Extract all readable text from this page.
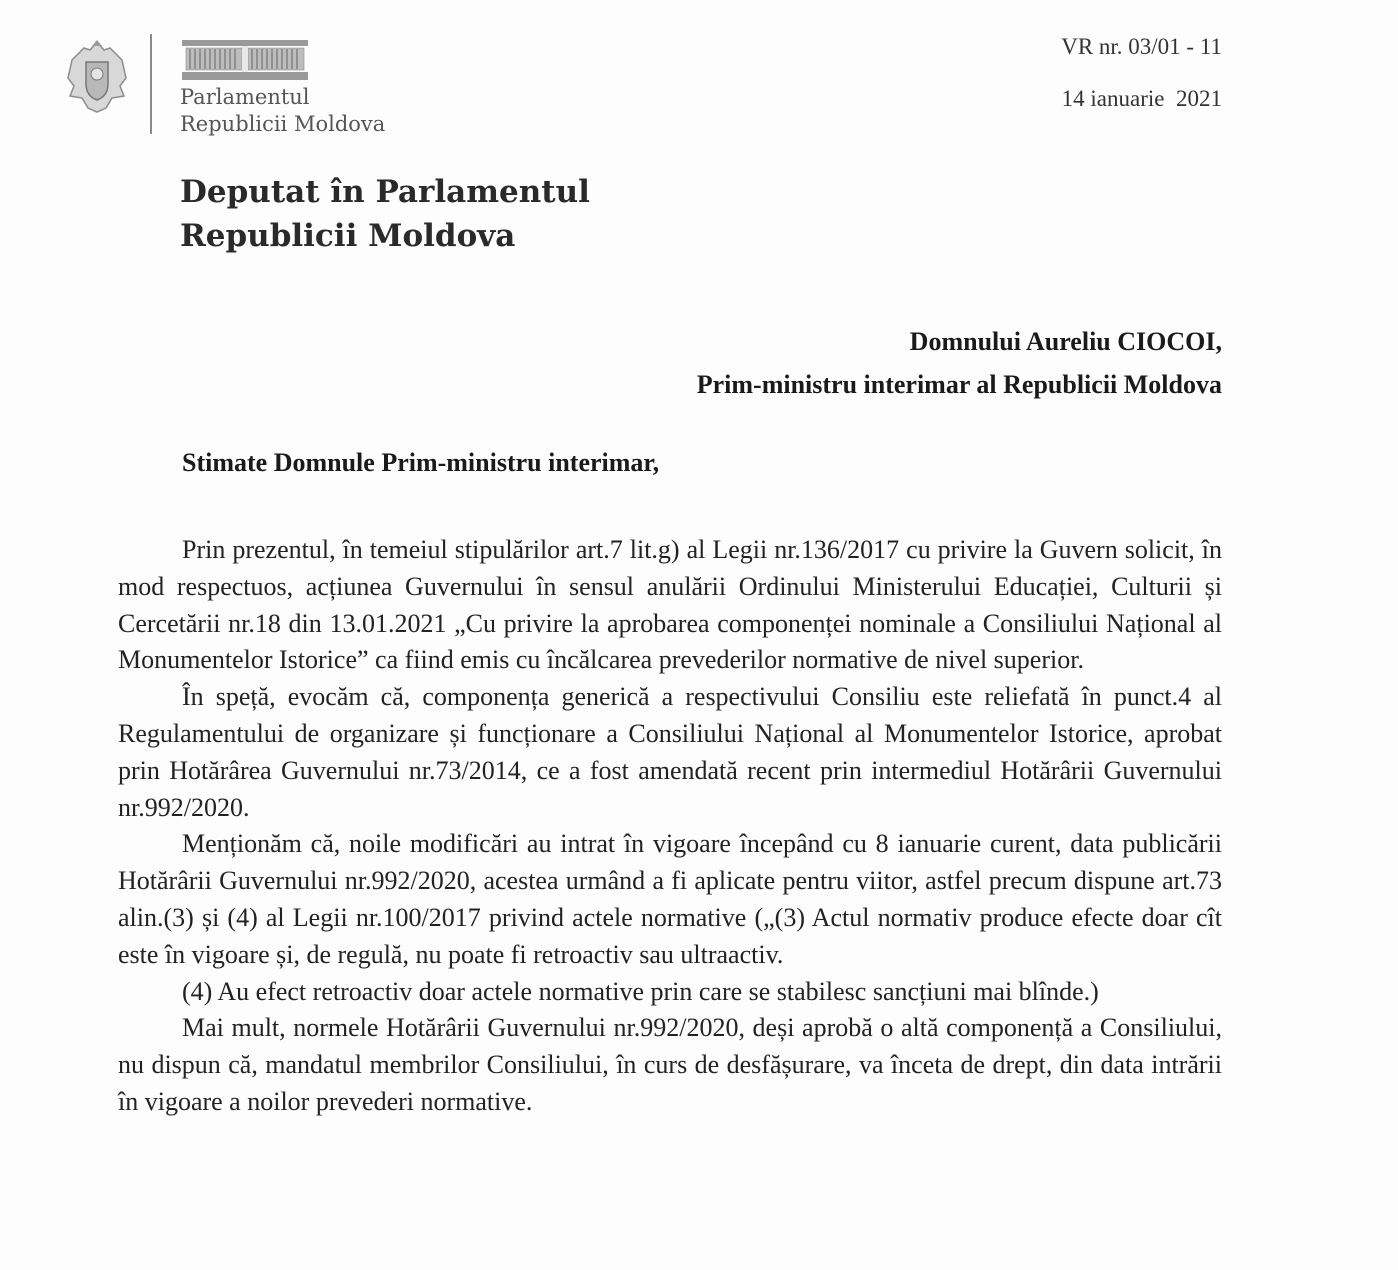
Parlamentul
Republicii Moldova
VR nr. 03/01 - 11
14 ianuarie  2021
Deputat în Parlamentul
Republicii Moldova
Domnului Aureliu CIOCOI,
Prim-ministru interimar al Republicii Moldova
Stimate Domnule Prim-ministru interimar,

Prin prezentul, în temeiul stipulărilor art.7 lit.g) al Legii nr.136/2017 cu privire la Guvern solicit, în mod respectuos, acțiunea Guvernului în sensul anulării Ordinului Ministerului Educației, Culturii și Cercetării nr.18 din 13.01.2021 „Cu privire la aprobarea componenței nominale a Consiliului Național al Monumentelor Istorice” ca fiind emis cu încălcarea prevederilor normative de nivel superior.

În speță, evocăm că, componența generică a respectivului Consiliu este reliefată în punct.4 al Regulamentului de organizare și funcționare a Consiliului Național al Monumentelor Istorice, aprobat prin Hotărârea Guvernului nr.73/2014, ce a fost amendată recent prin intermediul Hotărârii Guvernului nr.992/2020.

Menționăm că, noile modificări au intrat în vigoare începând cu 8 ianuarie curent, data publicării Hotărârii Guvernului nr.992/2020, acestea urmând a fi aplicate pentru viitor, astfel precum dispune art.73 alin.(3) și (4) al Legii nr.100/2017 privind actele normative („(3) Actul normativ produce efecte doar cît este în vigoare și, de regulă, nu poate fi retroactiv sau ultraactiv.

(4) Au efect retroactiv doar actele normative prin care se stabilesc sancțiuni mai blînde.)

Mai mult, normele Hotărârii Guvernului nr.992/2020, deși aprobă o altă componență a Consiliului, nu dispun că, mandatul membrilor Consiliului, în curs de desfășurare, va înceta de drept, din data intrării în vigoare a noilor prevederi normative.
